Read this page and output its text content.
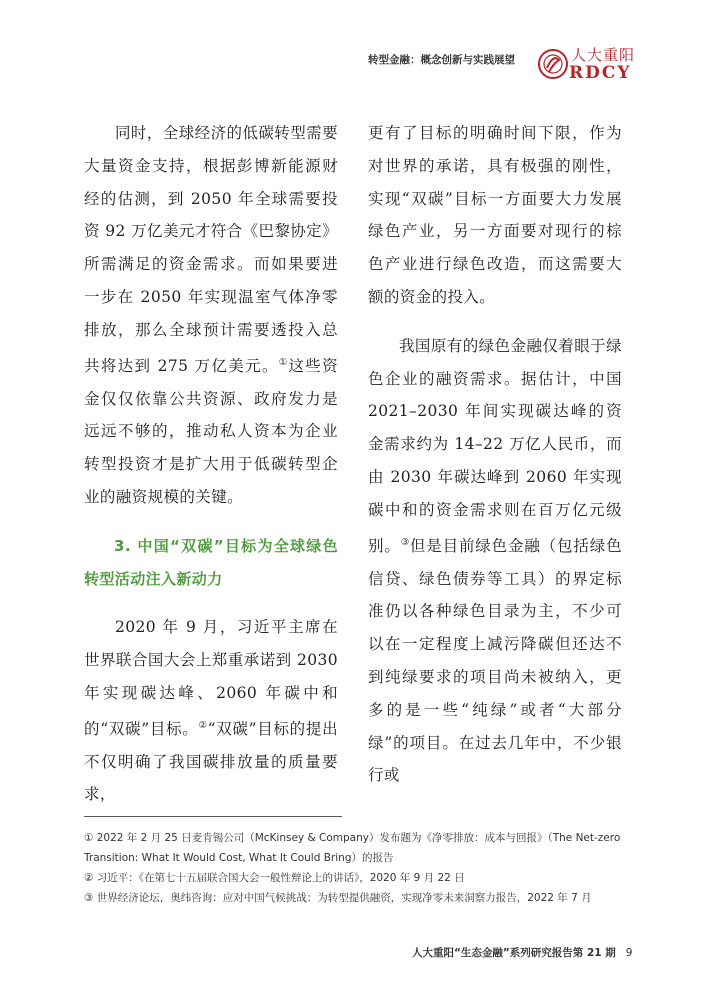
转型金融：概念创新与实践展望	人大重阳
RDCY

同时，全球经济的低碳转型需要大量资金支持，根据彭博新能源财经的估测，到 2050 年全球需要投资 92 万亿美元才符合《巴黎协定》所需满足的资金需求。而如果要进一步在 2050 年实现温室气体净零排放，那么全球预计需要透投入总共将达到 275 万亿美元。①这些资金仅仅依靠公共资源、政府发力是远远不够的，推动私人资本为企业转型投资才是扩大用于低碳转型企业的融资规模的关键。

3. 中国“双碳”目标为全球绿色转型活动注入新动力

2020 年 9 月，习近平主席在世界联合国大会上郑重承诺到 2030 年实现碳达峰、2060 年碳中和的“双碳”目标。②“双碳”目标的提出不仅明确了我国碳排放量的质量要求，

更有了目标的明确时间下限，作为对世界的承诺，具有极强的刚性，实现“双碳”目标一方面要大力发展绿色产业，另一方面要对现行的棕色产业进行绿色改造，而这需要大额的资金的投入。

我国原有的绿色金融仅着眼于绿色企业的融资需求。据估计，中国 2021–2030 年间实现碳达峰的资金需求约为 14–22 万亿人民币，而由 2030 年碳达峰到 2060 年实现碳中和的资金需求则在百万亿元级别。③但是目前绿色金融（包括绿色信贷、绿色债券等工具）的界定标准仍以各种绿色目录为主，不少可以在一定程度上减污降碳但还达不到纯绿要求的项目尚未被纳入，更多的是一些“纯绿”或者“大部分绿”的项目。在过去几年中，不少银行或

① 2022 年 2 月 25 日麦肯锡公司（McKinsey & Company）发布题为《净零排放：成本与回报》（The Net-zero Transition: What It Would Cost, What It Could Bring）的报告

② 习近平：《在第七十五届联合国大会一般性辩论上的讲话》，2020 年 9 月 22 日

③ 世界经济论坛，奥纬咨询：应对中国气候挑战：为转型提供融资，实现净零未来洞察力报告，2022 年 7 月

人大重阳“生态金融”系列研究报告第 21 期 9
